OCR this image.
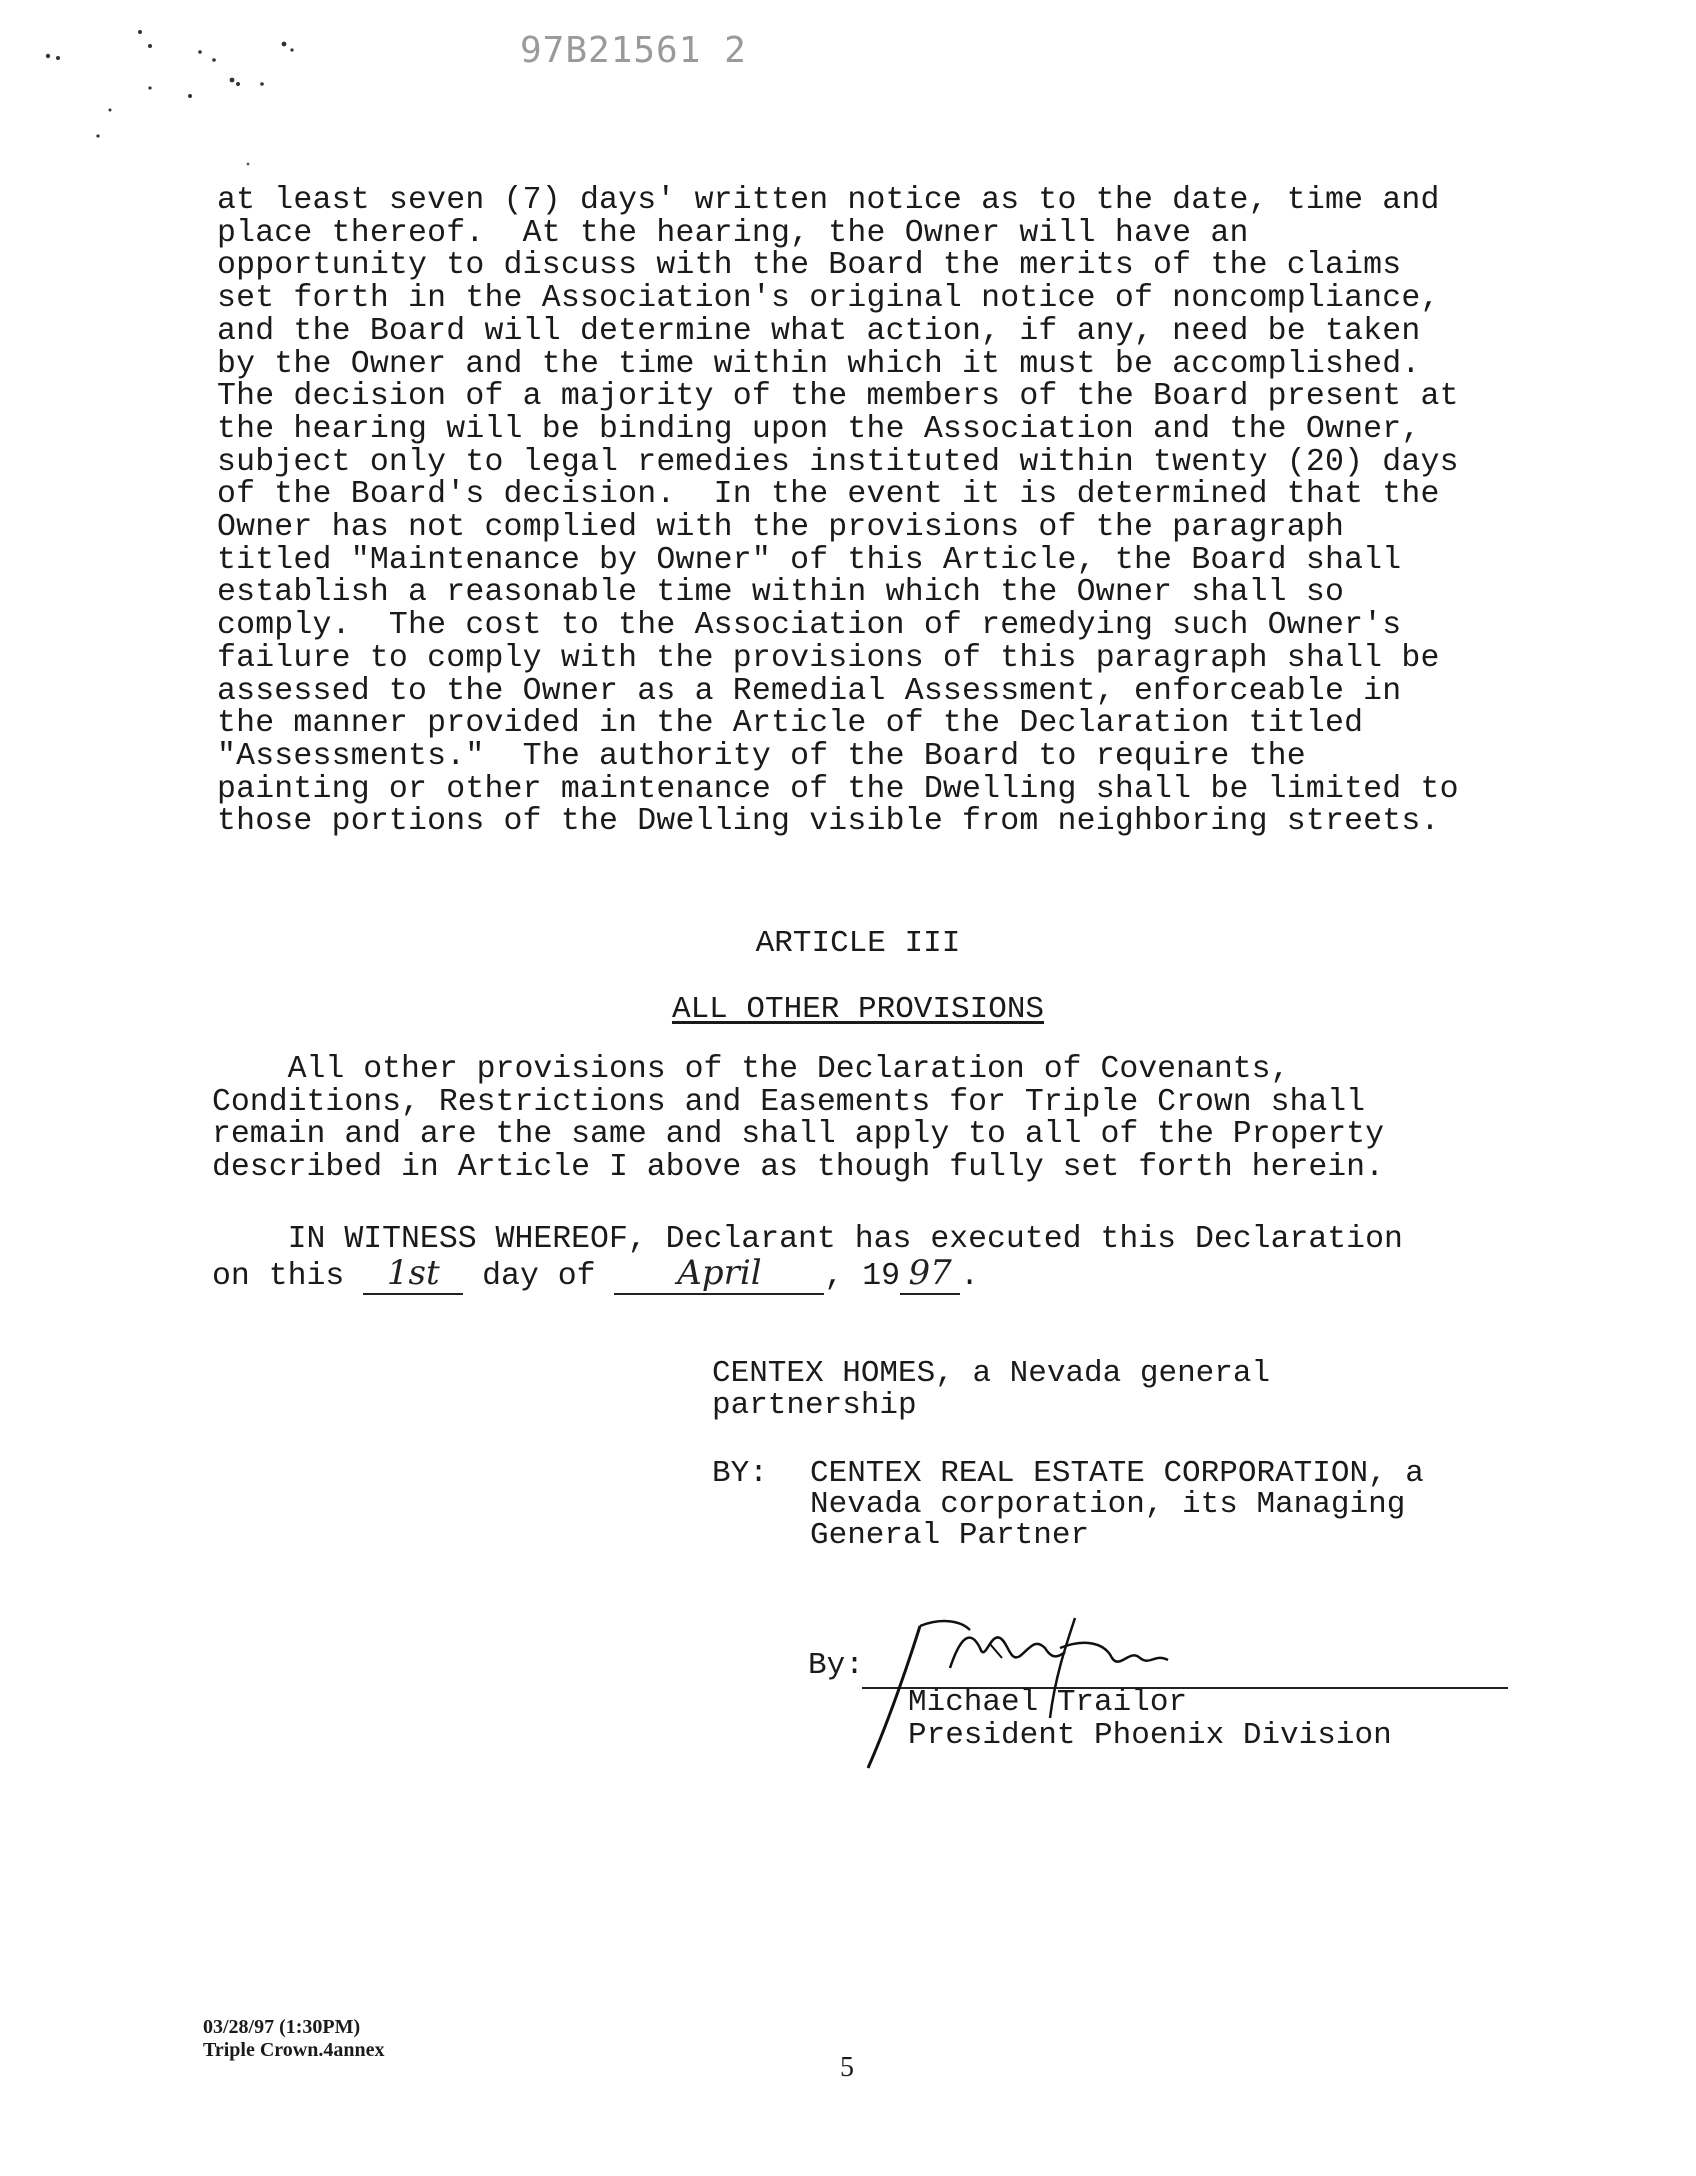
97B21561 2
at least seven (7) days' written notice as to the date, time and
place thereof.  At the hearing, the Owner will have an
opportunity to discuss with the Board the merits of the claims
set forth in the Association's original notice of noncompliance,
and the Board will determine what action, if any, need be taken
by the Owner and the time within which it must be accomplished.
The decision of a majority of the members of the Board present at
the hearing will be binding upon the Association and the Owner,
subject only to legal remedies instituted within twenty (20) days
of the Board's decision.  In the event it is determined that the
Owner has not complied with the provisions of the paragraph
titled "Maintenance by Owner" of this Article, the Board shall
establish a reasonable time within which the Owner shall so
comply.  The cost to the Association of remedying such Owner's
failure to comply with the provisions of this paragraph shall be
assessed to the Owner as a Remedial Assessment, enforceable in
the manner provided in the Article of the Declaration titled
"Assessments."  The authority of the Board to require the
painting or other maintenance of the Dwelling shall be limited to
those portions of the Dwelling visible from neighboring streets.
ARTICLE III
ALL OTHER PROVISIONS
All other provisions of the Declaration of Covenants,
Conditions, Restrictions and Easements for Triple Crown shall
remain and are the same and shall apply to all of the Property
described in Article I above as though fully set forth herein.
IN WITNESS WHEREOF, Declarant has executed this Declaration
on this 1st day of April , 19 97 .
CENTEX HOMES, a Nevada general
partnership
BY: CENTEX REAL ESTATE CORPORATION, a
Nevada corporation, its Managing
General Partner
By:
Michael Trailor
President Phoenix Division
03/28/97 (1:30PM)
Triple Crown.4annex
5
